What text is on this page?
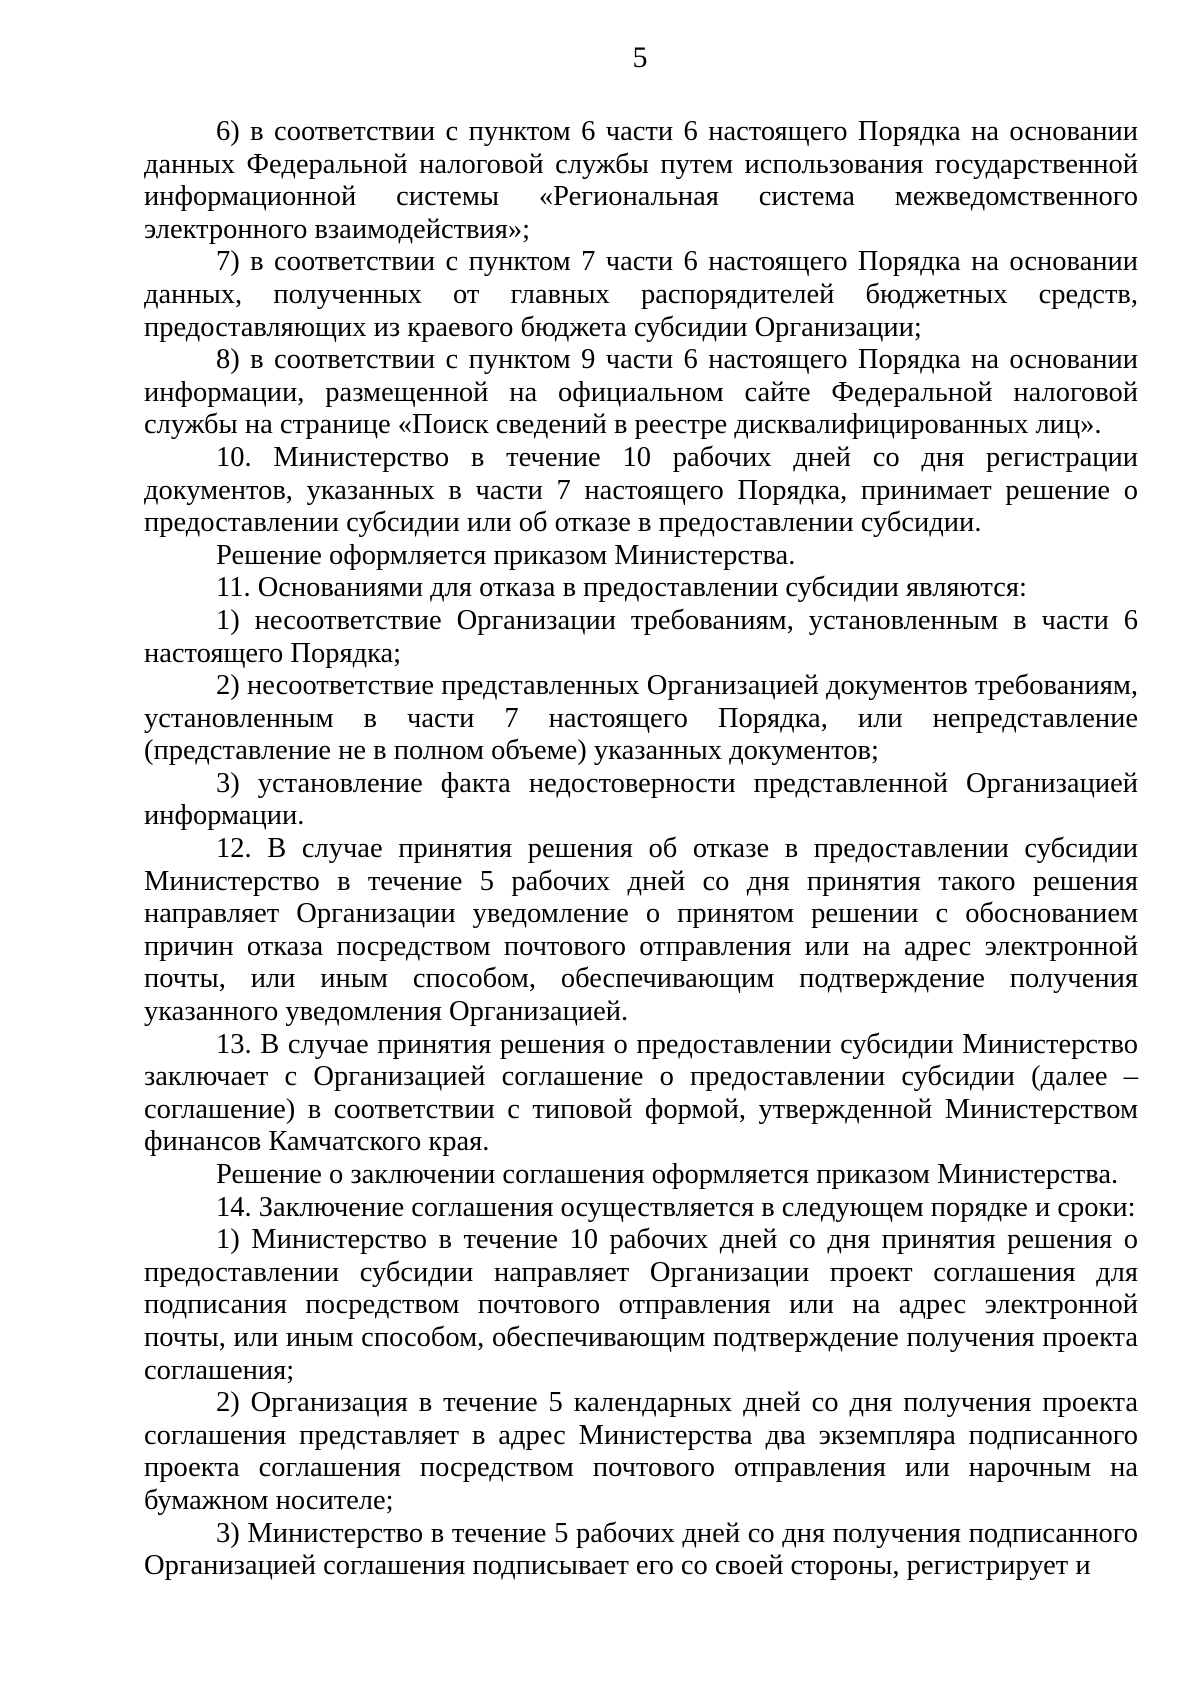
5

6) в соответствии с пунктом 6 части 6 настоящего Порядка на основании данных Федеральной налоговой службы путем использования государственной информационной системы «Региональная система межведомственного электронного взаимодействия»;

7) в соответствии с пунктом 7 части 6 настоящего Порядка на основании данных, полученных от главных распорядителей бюджетных средств, предоставляющих из краевого бюджета субсидии Организации;

8) в соответствии с пунктом 9 части 6 настоящего Порядка на основании информации, размещенной на официальном сайте Федеральной налоговой службы на странице «Поиск сведений в реестре дисквалифицированных лиц».

10. Министерство в течение 10 рабочих дней со дня регистрации документов, указанных в части 7 настоящего Порядка, принимает решение о предоставлении субсидии или об отказе в предоставлении субсидии.

Решение оформляется приказом Министерства.

11. Основаниями для отказа в предоставлении субсидии являются:

1) несоответствие Организации требованиям, установленным в части 6 настоящего Порядка;

2) несоответствие представленных Организацией документов требованиям, установленным в части 7 настоящего Порядка, или непредставление (представление не в полном объеме) указанных документов;

3) установление факта недостоверности представленной Организацией информации.

12. В случае принятия решения об отказе в предоставлении субсидии Министерство в течение 5 рабочих дней со дня принятия такого решения направляет Организации уведомление о принятом решении с обоснованием причин отказа посредством почтового отправления или на адрес электронной почты, или иным способом, обеспечивающим подтверждение получения указанного уведомления Организацией.

13. В случае принятия решения о предоставлении субсидии Министерство заключает с Организацией соглашение о предоставлении субсидии (далее – соглашение) в соответствии с типовой формой, утвержденной Министерством финансов Камчатского края.

Решение о заключении соглашения оформляется приказом Министерства.

14. Заключение соглашения осуществляется в следующем порядке и сроки:

1) Министерство в течение 10 рабочих дней со дня принятия решения о предоставлении субсидии направляет Организации проект соглашения для подписания посредством почтового отправления или на адрес электронной почты, или иным способом, обеспечивающим подтверждение получения проекта соглашения;

2) Организация в течение 5 календарных дней со дня получения проекта соглашения представляет в адрес Министерства два экземпляра подписанного проекта соглашения посредством почтового отправления или нарочным на бумажном носителе;

3) Министерство в течение 5 рабочих дней со дня получения подписанного Организацией соглашения подписывает его со своей стороны, регистрирует и
